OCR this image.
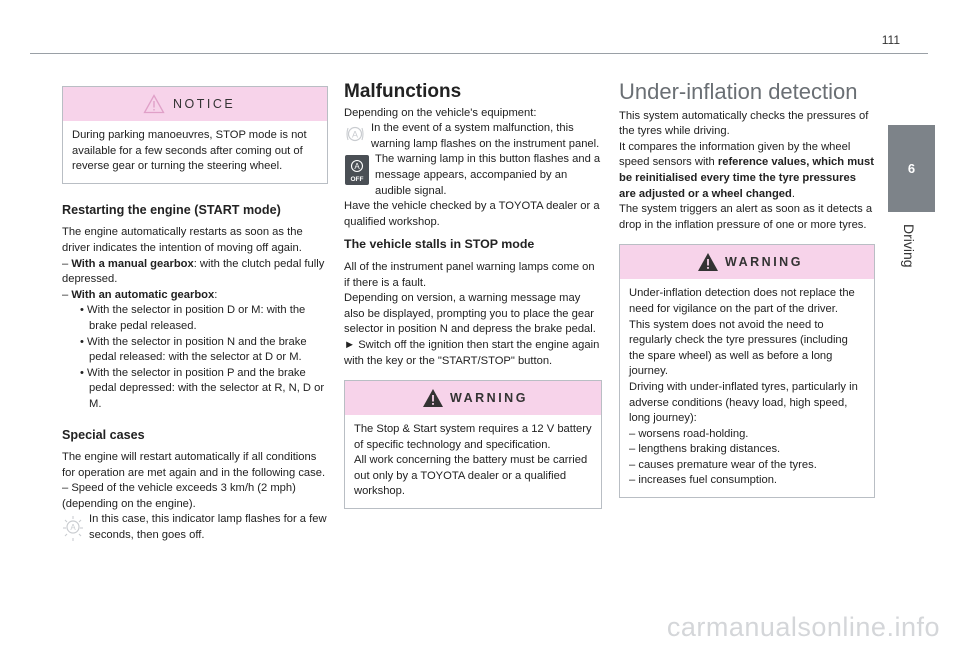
111
6
Driving
NOTICE
During parking manoeuvres, STOP mode is not available for a few seconds after coming out of reverse gear or turning the steering wheel.

Restarting the engine (START mode)

The engine automatically restarts as soon as the driver indicates the intention of moving off again.

– With a manual gearbox: with the clutch pedal fully depressed.

– With an automatic gearbox:

• With the selector in position D or M: with the brake pedal released.

• With the selector in position N and the brake pedal released: with the selector at D or M.

• With the selector in position P and the brake pedal depressed: with the selector at R, N, D or M.

Special cases

The engine will restart automatically if all conditions for operation are met again and in the following case.

– Speed of the vehicle exceeds 3 km/h (2 mph) (depending on the engine).

A

In this case, this indicator lamp flashes for a few seconds, then goes off.

Malfunctions

Depending on the vehicle's equipment:

A

In the event of a system malfunction, this warning lamp flashes on the instrument panel.

A
OFF

The warning lamp in this button flashes and a message appears, accompanied by an audible signal.

Have the vehicle checked by a TOYOTA dealer or a qualified workshop.

The vehicle stalls in STOP mode

All of the instrument panel warning lamps come on if there is a fault.

Depending on version, a warning message may also be displayed, prompting you to place the gear selector in position N and depress the brake pedal.

► Switch off the ignition then start the engine again with the key or the "START/STOP" button.

WARNING

The Stop & Start system requires a 12 V battery of specific technology and specification.

All work concerning the battery must be carried out only by a TOYOTA dealer or a qualified workshop.

Under-inflation detection

This system automatically checks the pressures of the tyres while driving.

It compares the information given by the wheel speed sensors with reference values, which must be reinitialised every time the tyre pressures are adjusted or a wheel changed.

The system triggers an alert as soon as it detects a drop in the inflation pressure of one or more tyres.

WARNING

Under-inflation detection does not replace the need for vigilance on the part of the driver.

This system does not avoid the need to regularly check the tyre pressures (including the spare wheel) as well as before a long journey.

Driving with under-inflated tyres, particularly in adverse conditions (heavy load, high speed, long journey):

– worsens road-holding.

– lengthens braking distances.

– causes premature wear of the tyres.

– increases fuel consumption.

carmanualsonline.info
